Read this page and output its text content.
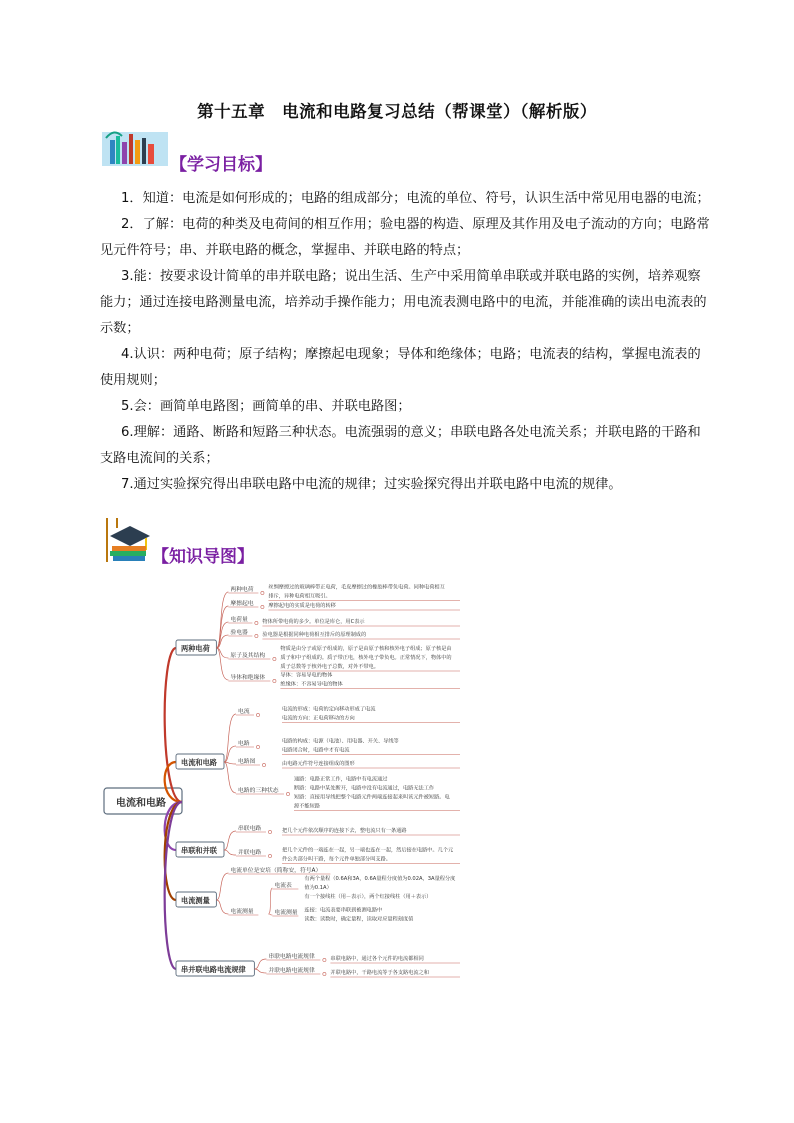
第十五章　电流和电路复习总结（帮课堂）（解析版）
【学习目标】
1．知道：电流是如何形成的；电路的组成部分；电流的单位、符号，认识生活中常见用电器的电流；
2．了解：电荷的种类及电荷间的相互作用；验电器的构造、原理及其作用及电子流动的方向；电路常
见元件符号；串、并联电路的概念，掌握串、并联电路的特点；
3.能：按要求设计简单的串并联电路；说出生活、生产中采用简单串联或并联电路的实例，培养观察
能力；通过连接电路测量电流，培养动手操作能力；用电流表测电路中的电流，并能准确的读出电流表的
示数；
4.认识：两种电荷；原子结构；摩擦起电现象；导体和绝缘体；电路；电流表的结构，掌握电流表的
使用规则；
5.会：画简单电路图；画简单的串、并联电路图；
6.理解：通路、断路和短路三种状态。电流强弱的意义；串联电路各处电流关系；并联电路的干路和
支路电流间的关系；
7.通过实验探究得出串联电路中电流的规律；过实验探究得出并联电路中电流的规律。
【知识导图】
电流和电路
两种电荷
两种电荷	丝绸摩擦过的玻璃棒带正电荷，毛皮摩擦过的橡胶棒带负电荷。同种电荷相互
排斥，异种电荷相互吸引。
摩擦起电	摩擦起电的实质是电荷的转移
电荷量	物体所带电荷的多少。单位是库仑，用C表示
验电器	验电器是根据同种电荷相互排斥的原理制成的
原子及其结构
物质是由分子或原子组成的，原子是由原子核和核外电子组成；原子核是由
质子和中子组成的。质子带正电，核外电子带负电。正常情况下，物体中的
质子总数等于核外电子总数，对外不带电。
导体和绝缘体	导体：容易导电的物体
绝缘体：不容易导电的物体
电流和电路
电流	电流的形成：电荷的定向移动形成了电流
电流的方向：正电荷移动的方向
电路	电路的构成：电源（电池）、用电器、开关、导线等
电路闭合时，电路中才有电流
电路图	由电路元件符号连接组成的图形
电路的三种状态
通路：电路正常工作，电路中有电流通过
断路：电路中某处断开，电路中没有电流通过，电路无法工作
短路：直接用导线把整个电路元件两端连接起来叫该元件被短路。电
源不能短路
串联和并联
串联电路	把几个元件依次顺序的连接下去，整电流只有一条通路
并联电路	把几个元件的一端连在一起，另一端也连在一起，然后接在电路中。几个元
件公共部分叫干路，每个元件单独部分叫支路。
电流测量
电流单位是安培（简称安，符号A）
电流测量
电流表
有两个量程（0.6A和3A，0.6A量程分度值为0.02A，3A量程分度
值为0.1A）
有一个接线柱（用－表示），两个红接线柱（用＋表示）
电流测量 连接：电流表要串联到被测电路中
读数：读数时，确定量程，读取对应量程刻度值
串并联电路电流规律
串联电路电流规律	串联电路中，通过各个元件的电流都相同
并联电路电流规律	并联电路中，干路电流等于各支路电流之和
